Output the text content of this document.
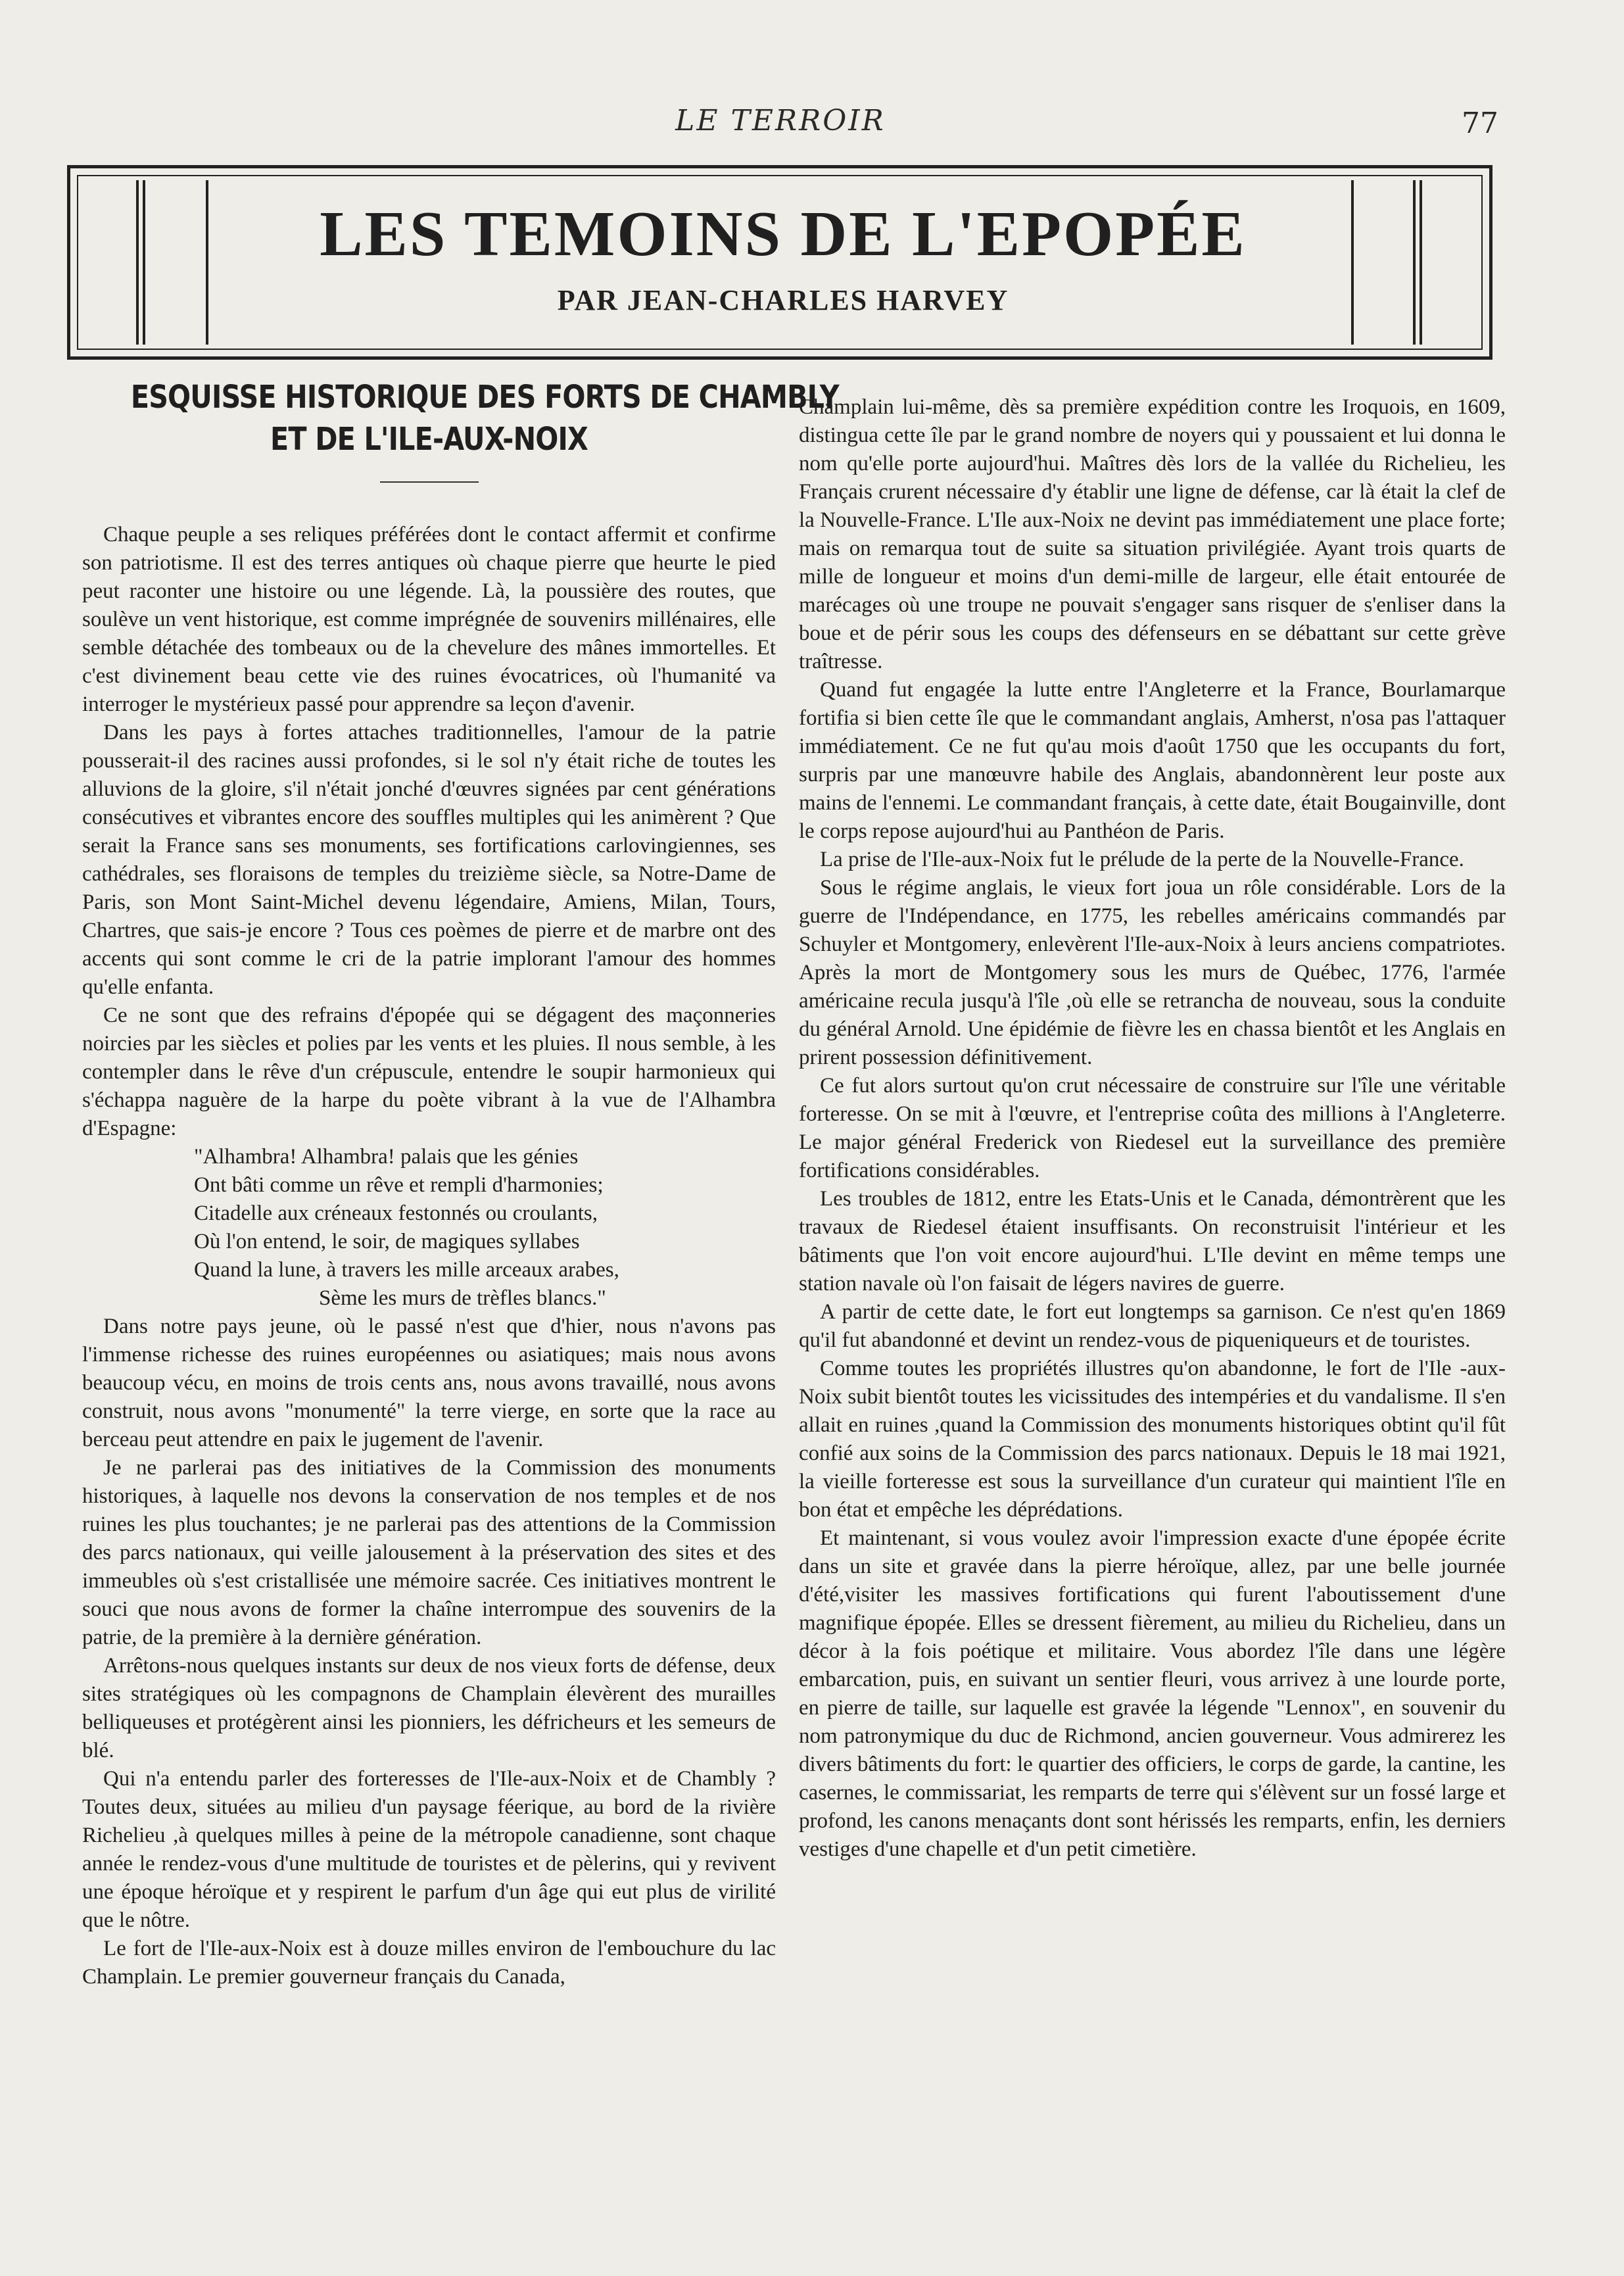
LE TERROIR	77
LES TEMOINS DE L'EPOPÉE
PAR JEAN-CHARLES HARVEY
ESQUISSE HISTORIQUE DES FORTS DE CHAMBLY
ET DE L'ILE-AUX-NOIX

Chaque peuple a ses reliques préférées dont le contact affermit et confirme son patriotisme. Il est des terres antiques où chaque pierre que heurte le pied peut raconter une histoire ou une légende. Là, la poussière des routes, que soulève un vent historique, est comme imprégnée de souvenirs millénaires, elle semble détachée des tombeaux ou de la chevelure des mânes immortelles. Et c'est divinement beau cette vie des ruines évocatrices, où l'humanité va interroger le mystérieux passé pour apprendre sa leçon d'avenir.

Dans les pays à fortes attaches traditionnelles, l'amour de la patrie pousserait-il des racines aussi profondes, si le sol n'y était riche de toutes les alluvions de la gloire, s'il n'était jonché d'œuvres signées par cent générations consécutives et vibrantes encore des souffles multiples qui les animèrent ? Que serait la France sans ses monuments, ses fortifications carlovingiennes, ses cathédrales, ses floraisons de temples du treizième siècle, sa Notre-Dame de Paris, son Mont Saint-Michel devenu légendaire, Amiens, Milan, Tours, Chartres, que sais-je encore ? Tous ces poèmes de pierre et de marbre ont des accents qui sont comme le cri de la patrie implorant l'amour des hommes qu'elle enfanta.

Ce ne sont que des refrains d'épopée qui se dégagent des maçonneries noircies par les siècles et polies par les vents et les pluies. Il nous semble, à les contempler dans le rêve d'un crépuscule, entendre le soupir harmonieux qui s'échappa naguère de la harpe du poète vibrant à la vue de l'Alhambra d'Espagne:

"Alhambra! Alhambra! palais que les génies
Ont bâti comme un rêve et rempli d'harmonies;
Citadelle aux créneaux festonnés ou croulants,
Où l'on entend, le soir, de magiques syllabes
Quand la lune, à travers les mille arceaux arabes,
Sème les murs de trèfles blancs."

Dans notre pays jeune, où le passé n'est que d'hier, nous n'avons pas l'immense richesse des ruines européennes ou asiatiques; mais nous avons beaucoup vécu, en moins de trois cents ans, nous avons travaillé, nous avons construit, nous avons "monumenté" la terre vierge, en sorte que la race au berceau peut attendre en paix le jugement de l'avenir.

Je ne parlerai pas des initiatives de la Commission des monuments historiques, à laquelle nos devons la conservation de nos temples et de nos ruines les plus touchantes; je ne parlerai pas des attentions de la Commission des parcs nationaux, qui veille jalousement à la préservation des sites et des immeubles où s'est cristallisée une mémoire sacrée. Ces initiatives montrent le souci que nous avons de former la chaîne interrompue des souvenirs de la patrie, de la première à la dernière génération.

Arrêtons-nous quelques instants sur deux de nos vieux forts de défense, deux sites stratégiques où les compagnons de Champlain élevèrent des murailles belliqueuses et protégèrent ainsi les pionniers, les défricheurs et les semeurs de blé.

Qui n'a entendu parler des forteresses de l'Ile-aux-Noix et de Chambly ? Toutes deux, situées au milieu d'un paysage féerique, au bord de la rivière Richelieu ,à quelques milles à peine de la métropole canadienne, sont chaque année le rendez-vous d'une multitude de touristes et de pèlerins, qui y revivent une époque héroïque et y respirent le parfum d'un âge qui eut plus de virilité que le nôtre.

Le fort de l'Ile-aux-Noix est à douze milles environ de l'embouchure du lac Champlain. Le premier gouverneur français du Canada,

Champlain lui-même, dès sa première expédition contre les Iroquois, en 1609, distingua cette île par le grand nombre de noyers qui y poussaient et lui donna le nom qu'elle porte aujourd'hui. Maîtres dès lors de la vallée du Richelieu, les Français crurent nécessaire d'y établir une ligne de défense, car là était la clef de la Nouvelle-France. L'Ile aux-Noix ne devint pas immédiatement une place forte; mais on remarqua tout de suite sa situation privilégiée. Ayant trois quarts de mille de longueur et moins d'un demi-mille de largeur, elle était entourée de marécages où une troupe ne pouvait s'engager sans risquer de s'enliser dans la boue et de périr sous les coups des défenseurs en se débattant sur cette grève traîtresse.

Quand fut engagée la lutte entre l'Angleterre et la France, Bourlamarque fortifia si bien cette île que le commandant anglais, Amherst, n'osa pas l'attaquer immédiatement. Ce ne fut qu'au mois d'août 1750 que les occupants du fort, surpris par une manœuvre habile des Anglais, abandonnèrent leur poste aux mains de l'ennemi. Le commandant français, à cette date, était Bougainville, dont le corps repose aujourd'hui au Panthéon de Paris.

La prise de l'Ile-aux-Noix fut le prélude de la perte de la Nouvelle-France.

Sous le régime anglais, le vieux fort joua un rôle considérable. Lors de la guerre de l'Indépendance, en 1775, les rebelles américains commandés par Schuyler et Montgomery, enlevèrent l'Ile-aux-Noix à leurs anciens compatriotes. Après la mort de Montgomery sous les murs de Québec, 1776, l'armée américaine recula jusqu'à l'île ,où elle se retrancha de nouveau, sous la conduite du général Arnold. Une épidémie de fièvre les en chassa bientôt et les Anglais en prirent possession définitivement.

Ce fut alors surtout qu'on crut nécessaire de construire sur l'île une véritable forteresse. On se mit à l'œuvre, et l'entreprise coûta des millions à l'Angleterre. Le major général Frederick von Riedesel eut la surveillance des première fortifications considérables.

Les troubles de 1812, entre les Etats-Unis et le Canada, démontrèrent que les travaux de Riedesel étaient insuffisants. On reconstruisit l'intérieur et les bâtiments que l'on voit encore aujourd'hui. L'Ile devint en même temps une station navale où l'on faisait de légers navires de guerre.

A partir de cette date, le fort eut longtemps sa garnison. Ce n'est qu'en 1869 qu'il fut abandonné et devint un rendez-vous de piqueniqueurs et de touristes.

Comme toutes les propriétés illustres qu'on abandonne, le fort de l'Ile -aux-Noix subit bientôt toutes les vicissitudes des intempéries et du vandalisme. Il s'en allait en ruines ,quand la Commission des monuments historiques obtint qu'il fût confié aux soins de la Commission des parcs nationaux. Depuis le 18 mai 1921, la vieille forteresse est sous la surveillance d'un curateur qui maintient l'île en bon état et empêche les déprédations.

Et maintenant, si vous voulez avoir l'impression exacte d'une épopée écrite dans un site et gravée dans la pierre héroïque, allez, par une belle journée d'été,visiter les massives fortifications qui furent l'aboutissement d'une magnifique épopée. Elles se dressent fièrement, au milieu du Richelieu, dans un décor à la fois poétique et militaire. Vous abordez l'île dans une légère embarcation, puis, en suivant un sentier fleuri, vous arrivez à une lourde porte, en pierre de taille, sur laquelle est gravée la légende "Lennox", en souvenir du nom patronymique du duc de Richmond, ancien gouverneur. Vous admirerez les divers bâtiments du fort: le quartier des officiers, le corps de garde, la cantine, les casernes, le commissariat, les remparts de terre qui s'élèvent sur un fossé large et profond, les canons menaçants dont sont hérissés les remparts, enfin, les derniers vestiges d'une chapelle et d'un petit cimetière.
